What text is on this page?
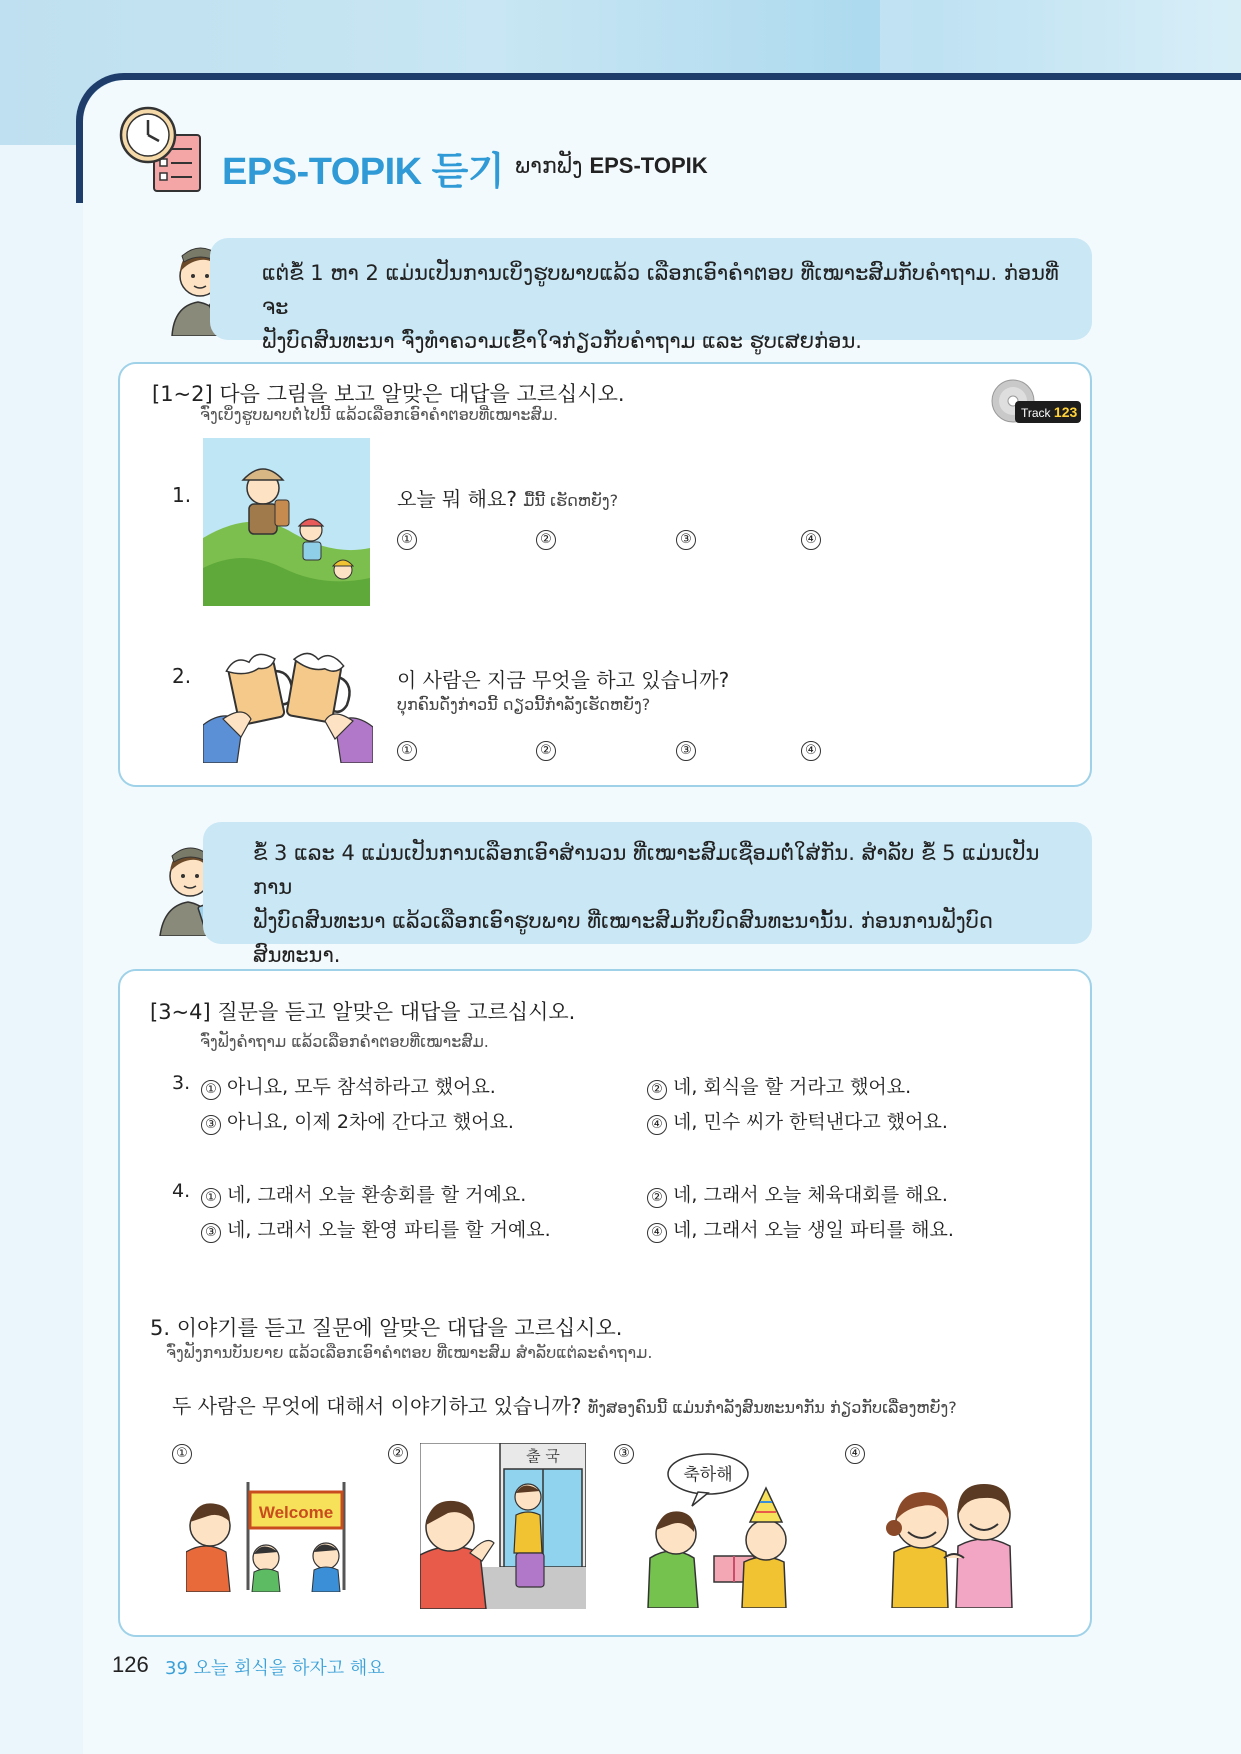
EPS-TOPIK 듣기 ພາກຟັງ EPS-TOPIK
ແຕ່ຂໍ້ 1 ຫາ 2 ແມ່ນເປັນການເບິ່ງຮູບພາບແລ້ວ ເລືອກເອົາຄຳຕອບ ທີ່ເໝາະສົມກັບຄຳຖາມ. ກ່ອນທີ່ຈະ
ຟັງບົດສົນທະນາ ຈົ່ງທຳຄວາມເຂົ້າໃຈກ່ຽວກັບຄຳຖາມ ແລະ ຮູບເສຍກ່ອນ.
[1~2] 다음 그림을 보고 알맞은 대답을 고르십시오.
ຈົ່ງເບິ່ງຮູບພາບຕໍ່ໄປນີ້ ແລ້ວເລືອກເອົາຄຳຕອບທີ່ເໝາະສົມ.	Track 123
1.	오늘 뭐 해요? ມື້ນີ້ ເຮັດຫຍັງ?
①	②	③	④
2.	이 사람은 지금 무엇을 하고 있습니까?
ບຸກຄົນດັ່ງກ່າວນີ້ ດຽວນີ້ກຳລັງເຮັດຫຍັງ?
①	②	③	④
ຂໍ້ 3 ແລະ 4 ແມ່ນເປັນການເລືອກເອົາສຳນວນ ທີ່ເໝາະສົມເຊື່ອມຕໍ່ໃສ່ກັນ. ສຳລັບ ຂໍ້ 5 ແມ່ນເປັນການ
ຟັງບົດສົນທະນາ ແລ້ວເລືອກເອົາຮູບພາບ ທີ່ເໝາະສົມກັບບົດສົນທະນານັ້ນ. ກ່ອນການຟັງບົດສົນທະນາ.
[3~4] 질문을 듣고 알맞은 대답을 고르십시오.
ຈົ່ງຟັງຄຳຖາມ ແລ້ວເລືອກຄຳຕອບທີ່ເໝາະສົມ.
3.	① 아니요, 모두 참석하라고 했어요.	② 네, 회식을 할 거라고 했어요.
③ 아니요, 이제 2차에 간다고 했어요.	④ 네, 민수 씨가 한턱낸다고 했어요.
4.	① 네, 그래서 오늘 환송회를 할 거예요.	② 네, 그래서 오늘 체육대회를 해요.
③ 네, 그래서 오늘 환영 파티를 할 거예요.	④ 네, 그래서 오늘 생일 파티를 해요.
5. 이야기를 듣고 질문에 알맞은 대답을 고르십시오.
ຈົ່ງຟັງການບັນຍາຍ ແລ້ວເລືອກເອົາຄຳຕອບ ທີ່ເໝາະສົມ ສຳລັບແຕ່ລະຄຳຖາມ.
두 사람은 무엇에 대해서 이야기하고 있습니까? ທັງສອງຄົນນີ້ ແມ່ນກຳລັງສົນທະນາກັນ ກ່ຽວກັບເລື່ອງຫຍັງ?
①	②	③	④
Welcome
출 국
축하해
126 39 오늘 회식을 하자고 해요
